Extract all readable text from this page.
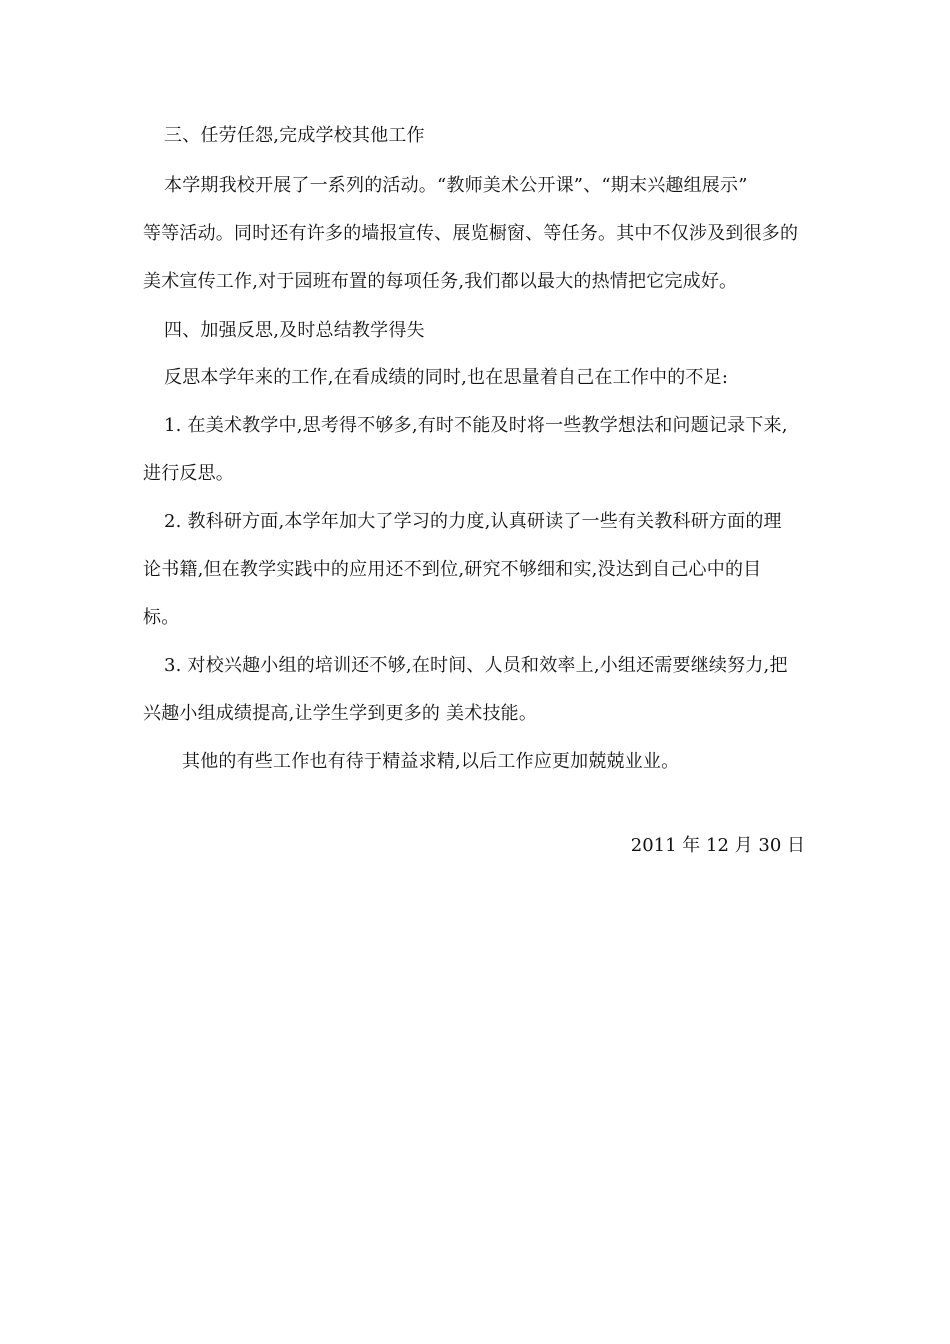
三、任劳任怨,完成学校其他工作
本学期我校开展了一系列的活动。“教师美术公开课”、“期末兴趣组展示”
等等活动。同时还有许多的墙报宣传、展览橱窗、等任务。其中不仅涉及到很多的
美术宣传工作,对于园班布置的每项任务,我们都以最大的热情把它完成好。
四、加强反思,及时总结教学得失
反思本学年来的工作,在看成绩的同时,也在思量着自己在工作中的不足:
1. 在美术教学中,思考得不够多,有时不能及时将一些教学想法和问题记录下来,
进行反思。
2. 教科研方面,本学年加大了学习的力度,认真研读了一些有关教科研方面的理
论书籍,但在教学实践中的应用还不到位,研究不够细和实,没达到自己心中的目
标。
3. 对校兴趣小组的培训还不够,在时间、人员和效率上,小组还需要继续努力,把
兴趣小组成绩提高,让学生学到更多的 美术技能。
其他的有些工作也有待于精益求精,以后工作应更加兢兢业业。
2011 年 12 月 30 日
